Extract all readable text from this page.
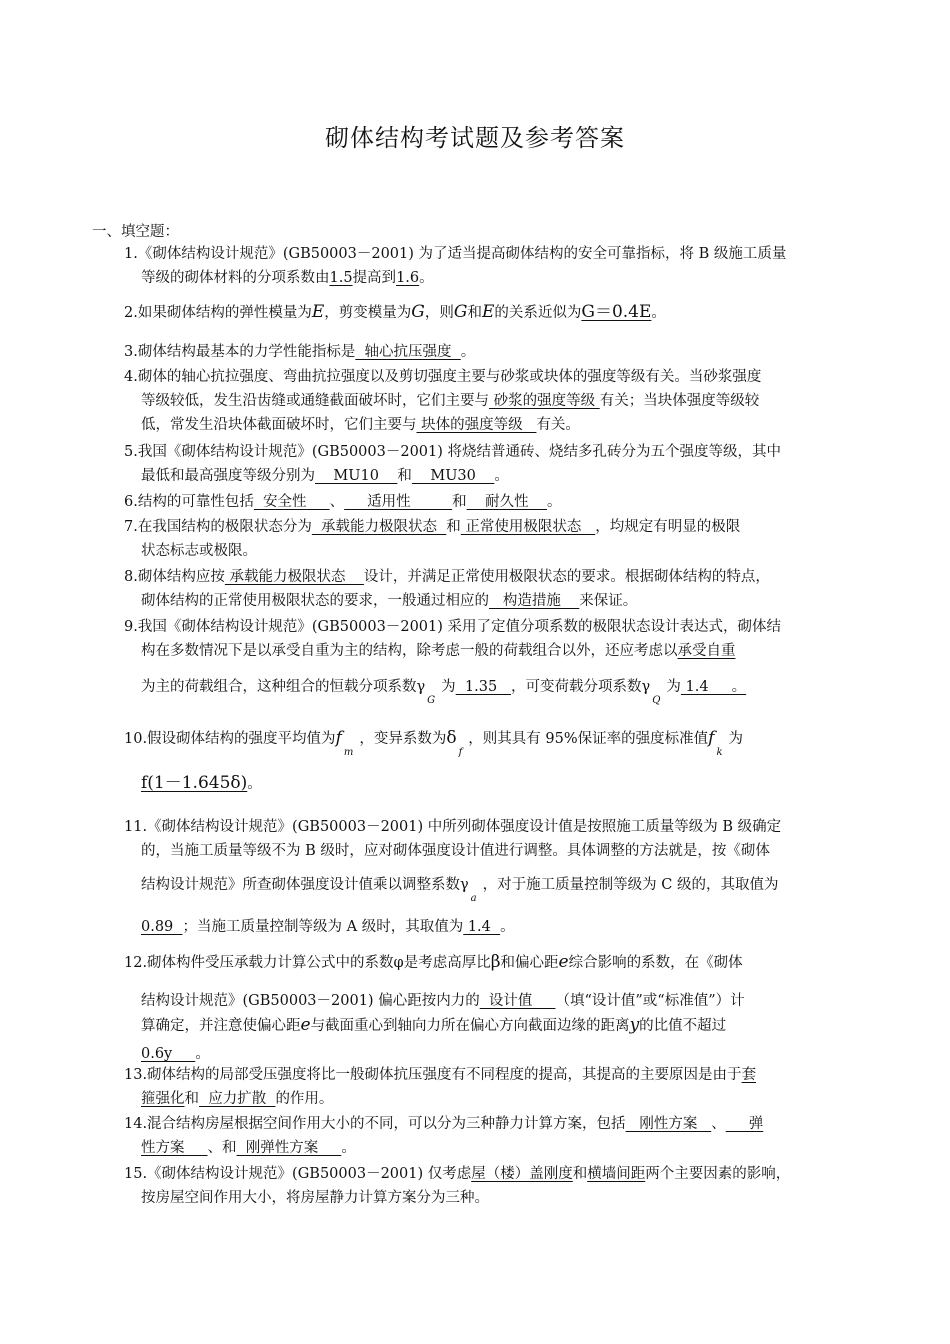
砌体结构考试题及参考答案
一、填空题：
1.《砌体结构设计规范》(GB50003－2001) 为了适当提高砌体结构的安全可靠指标，将 B 级施工质量
等级的砌体材料的分项系数由1.5提高到1.6。
2.如果砌体结构的弹性模量为E，剪变模量为G，则G和E的关系近似为G＝0.4E。
3.砌体结构最基本的力学性能指标是  轴心抗压强度  。
4.砌体的轴心抗拉强度、弯曲抗拉强度以及剪切强度主要与砂浆或块体的强度等级有关。当砂浆强度
等级较低，发生沿齿缝或通缝截面破坏时，它们主要与 砂浆的强度等级 有关；当块体强度等级较
低，常发生沿块体截面破坏时，它们主要与 块体的强度等级   有关。
5.我国《砌体结构设计规范》(GB50003－2001) 将烧结普通砖、烧结多孔砖分为五个强度等级，其中
最低和最高强度等级分别为    MU10    和    MU30    。
6.结构的可靠性包括  安全性     、     适用性         和    耐久性    。
7.在我国结构的极限状态分为  承载能力极限状态  和 正常使用极限状态   ，均规定有明显的极限
状态标志或极限。
8.砌体结构应按 承载能力极限状态    设计，并满足正常使用极限状态的要求。根据砌体结构的特点，
砌体结构的正常使用极限状态的要求，一般通过相应的   构造措施    来保证。
9.我国《砌体结构设计规范》(GB50003－2001) 采用了定值分项系数的极限状态设计表达式，砌体结
构在多数情况下是以承受自重为主的结构，除考虑一般的荷载组合以外，还应考虑以承受自重
为主的荷载组合，这种组合的恒载分项系数$\gamma_G$为  1.35   ，可变荷载分项系数$\gamma_Q$为 1.4     。
10.假设砌体结构的强度平均值为$f_m$，变异系数为$\delta_f$，则其具有 95%保证率的强度标准值$f_k$为
f(1－1.645δ)。
11.《砌体结构设计规范》(GB50003－2001) 中所列砌体强度设计值是按照施工质量等级为 B 级确定
的，当施工质量等级不为 B 级时，应对砌体强度设计值进行调整。具体调整的方法就是，按《砌体
结构设计规范》所查砌体强度设计值乘以调整系数$\gamma_a$，对于施工质量控制等级为 C 级的，其取值为
0.89  ；当施工质量控制等级为 A 级时，其取值为 1.4  。
12.砌体构件受压承载力计算公式中的系数φ是考虑高厚比β和偏心距e综合影响的系数，在《砌体
结构设计规范》(GB50003－2001) 偏心距按内力的  设计值     （填“设计值”或“标准值”）计
算确定，并注意使偏心距e与截面重心到轴向力所在偏心方向截面边缘的距离y的比值不超过
0.6y     。
13.砌体结构的局部受压强度将比一般砌体抗压强度有不同程度的提高，其提高的主要原因是由于套
箍强化和  应力扩散  的作用。
14.混合结构房屋根据空间作用大小的不同，可以分为三种静力计算方案，包括   刚性方案   、     弹
性方案     、和  刚弹性方案     。
15.《砌体结构设计规范》(GB50003－2001) 仅考虑屋（楼）盖刚度和横墙间距两个主要因素的影响，
按房屋空间作用大小，将房屋静力计算方案分为三种。
